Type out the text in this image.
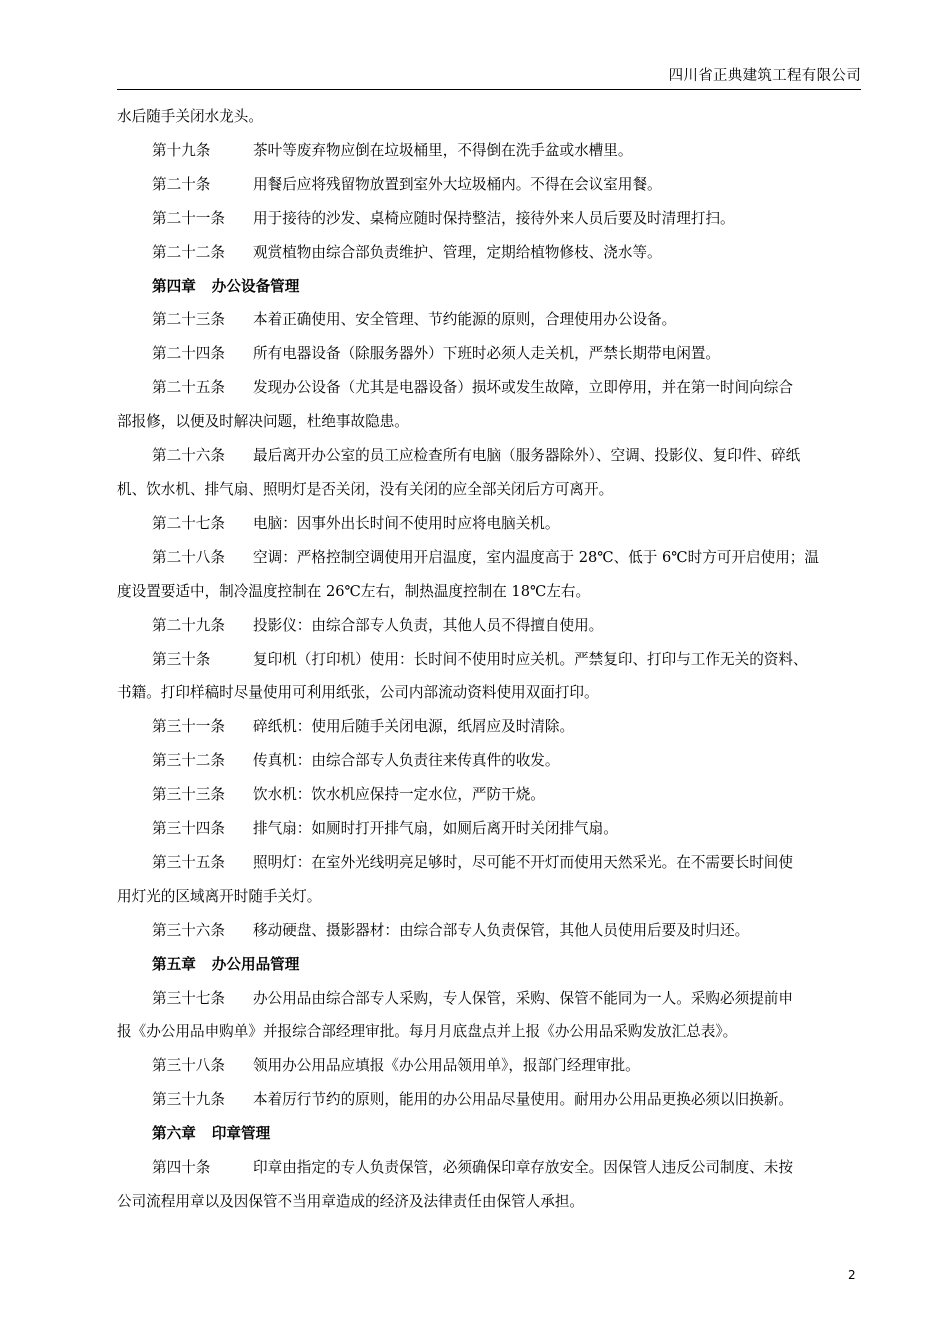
四川省正典建筑工程有限公司
水后随手关闭水龙头。
第十九条	茶叶等废弃物应倒在垃圾桶里，不得倒在洗手盆或水槽里。
第二十条	用餐后应将残留物放置到室外大垃圾桶内。不得在会议室用餐。
第二十一条 用于接待的沙发、桌椅应随时保持整洁，接待外来人员后要及时清理打扫。
第二十二条 观赏植物由综合部负责维护、管理，定期给植物修枝、浇水等。
第四章 办公设备管理
第二十三条 本着正确使用、安全管理、节约能源的原则，合理使用办公设备。
第二十四条 所有电器设备（除服务器外）下班时必须人走关机，严禁长期带电闲置。
第二十五条 发现办公设备（尤其是电器设备）损坏或发生故障，立即停用，并在第一时间向综合
部报修，以便及时解决问题，杜绝事故隐患。
第二十六条 最后离开办公室的员工应检查所有电脑（服务器除外）、空调、投影仪、复印件、碎纸
机、饮水机、排气扇、照明灯是否关闭，没有关闭的应全部关闭后方可离开。
第二十七条 电脑：因事外出长时间不使用时应将电脑关机。
第二十八条 空调：严格控制空调使用开启温度，室内温度高于 28℃、低于 6℃时方可开启使用；温
度设置要适中，制冷温度控制在 26℃左右，制热温度控制在 18℃左右。
第二十九条 投影仪：由综合部专人负责，其他人员不得擅自使用。
第三十条	复印机（打印机）使用：长时间不使用时应关机。严禁复印、打印与工作无关的资料、
书籍。打印样稿时尽量使用可利用纸张，公司内部流动资料使用双面打印。
第三十一条 碎纸机：使用后随手关闭电源，纸屑应及时清除。
第三十二条 传真机：由综合部专人负责往来传真件的收发。
第三十三条 饮水机：饮水机应保持一定水位，严防干烧。
第三十四条 排气扇：如厕时打开排气扇，如厕后离开时关闭排气扇。
第三十五条 照明灯：在室外光线明亮足够时，尽可能不开灯而使用天然采光。在不需要长时间使
用灯光的区域离开时随手关灯。
第三十六条 移动硬盘、摄影器材：由综合部专人负责保管，其他人员使用后要及时归还。
第五章 办公用品管理
第三十七条 办公用品由综合部专人采购，专人保管，采购、保管不能同为一人。采购必须提前申
报《办公用品申购单》并报综合部经理审批。每月月底盘点并上报《办公用品采购发放汇总表》。
第三十八条 领用办公用品应填报《办公用品领用单》，报部门经理审批。
第三十九条 本着厉行节约的原则，能用的办公用品尽量使用。耐用办公用品更换必须以旧换新。
第六章 印章管理
第四十条	印章由指定的专人负责保管，必须确保印章存放安全。因保管人违反公司制度、未按
公司流程用章以及因保管不当用章造成的经济及法律责任由保管人承担。
2
